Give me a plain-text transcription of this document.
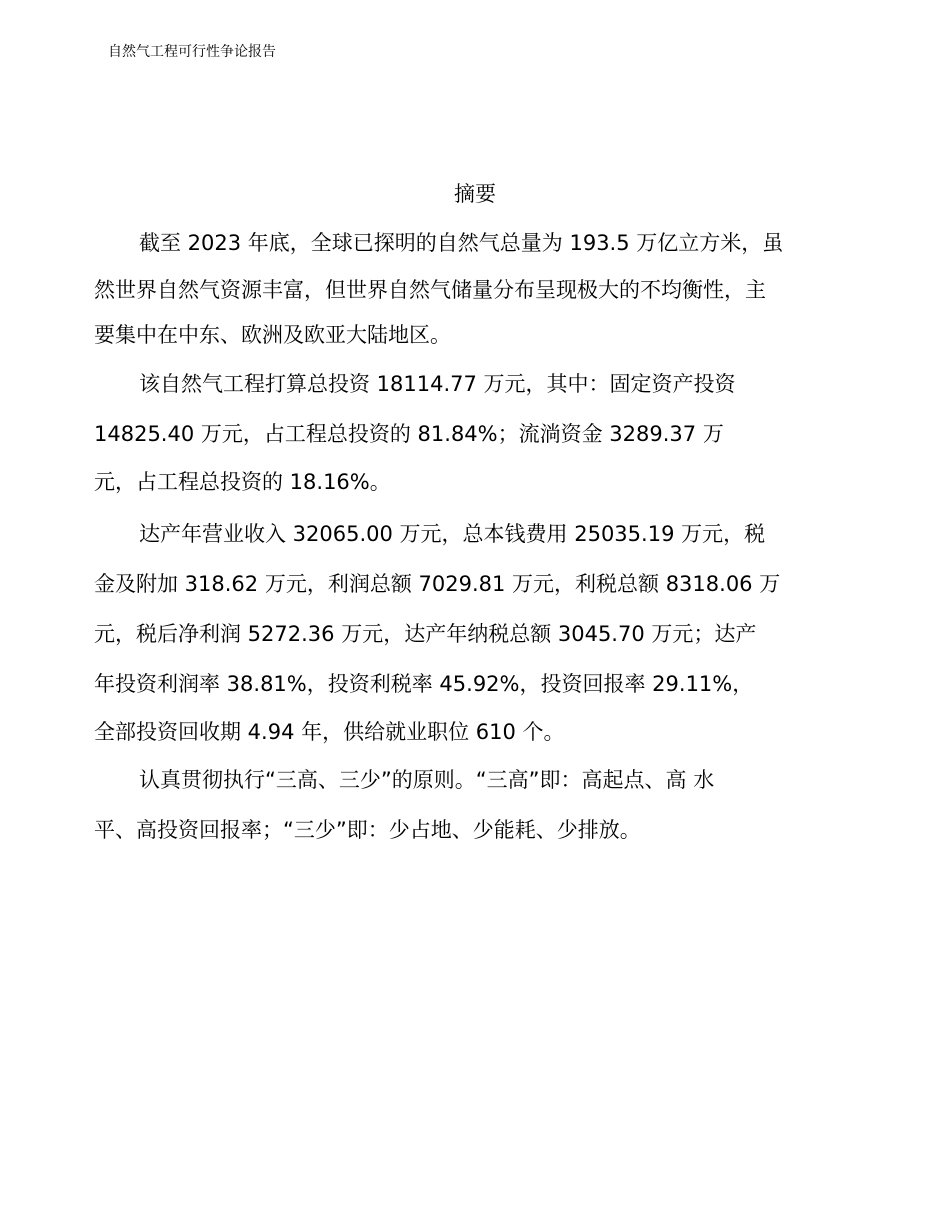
自然气工程可行性争论报告
摘要
截至 2023 年底，全球已探明的自然气总量为 193.5 万亿立方米，虽
然世界自然气资源丰富，但世界自然气储量分布呈现极大的不均衡性，主
要集中在中东、欧洲及欧亚大陆地区。
该自然气工程打算总投资 18114.77 万元，其中：固定资产投资
14825.40 万元，占工程总投资的 81.84%；流淌资金 3289.37 万
元，占工程总投资的 18.16%。
达产年营业收入 32065.00 万元，总本钱费用 25035.19 万元，税
金及附加 318.62 万元，利润总额 7029.81 万元，利税总额 8318.06 万
元，税后净利润 5272.36 万元，达产年纳税总额 3045.70 万元；达产
年投资利润率 38.81%，投资利税率 45.92%，投资回报率 29.11%，
全部投资回收期 4.94 年，供给就业职位 610 个。
认真贯彻执行“三高、三少”的原则。“三高”即：高起点、高 水
平、高投资回报率；“三少”即：少占地、少能耗、少排放。
